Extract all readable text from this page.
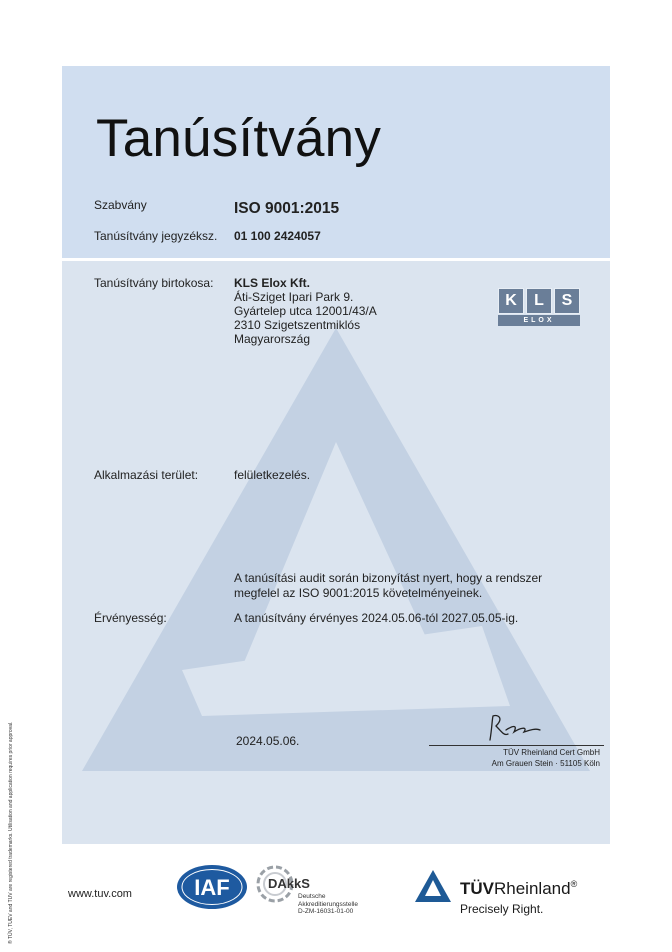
Tanúsítvány
Szabvány	ISO 9001:2015
Tanúsítvány jegyzéksz. 01 100 2424057
Tanúsítvány birtokosa: KLS Elox Kft.
Áti-Sziget Ipari Park 9.
Gyártelep utca 12001/43/A
2310 Szigetszentmiklós
Magyarország
K	L	S
ELOX
Alkalmazási terület:	felületkezelés.
A tanúsítási audit során bizonyítást nyert, hogy a rendszer
megfelel az ISO 9001:2015 követelményeinek.
Érvényesség:	A tanúsítvány érvényes 2024.05.06-tól 2027.05.05-ig.
2024.05.06.
TÜV Rheinland Cert GmbH
Am Grauen Stein · 51105 Köln
® TÜV, TUEV and TUV are registered trademarks. Utilisation and application requires prior approval.	www.tuv.com	IAF	DAkkS
Deutsche
Akkreditierungsstelle
D-ZM-16031-01-00
TÜVRheinland®
Precisely Right.
